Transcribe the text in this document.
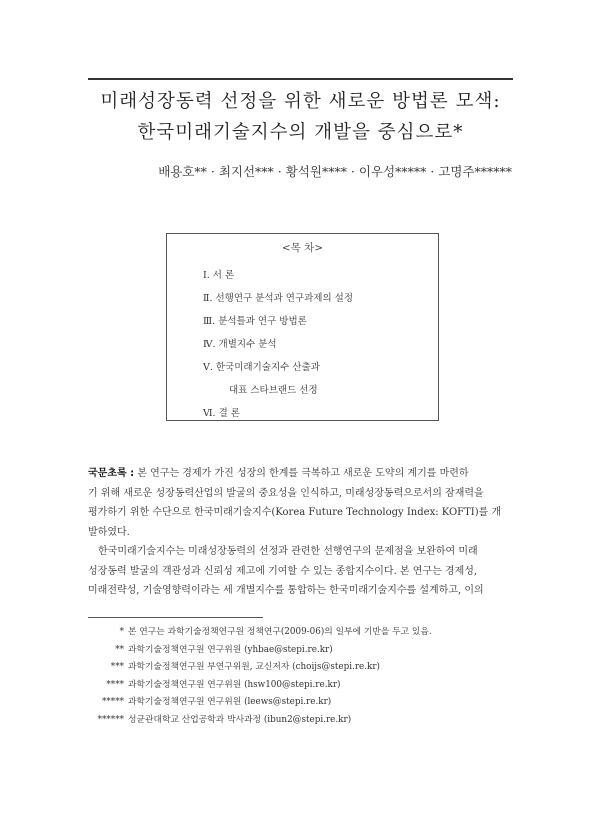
미래성장동력 선정을 위한 새로운 방법론 모색:
한국미래기술지수의 개발을 중심으로*
배용호** · 최지선*** · 황석원**** · 이우성***** · 고명주******
<목 차>
Ⅰ. 서 론
Ⅱ. 선행연구 분석과 연구과제의 설정
Ⅲ. 분석틀과 연구 방법론
Ⅳ. 개별지수 분석
Ⅴ. 한국미래기술지수 산출과
대표 스타브랜드 선정
Ⅵ. 결 론
국문초록 : 본 연구는 경제가 가진 성장의 한계를 극복하고 새로운 도약의 계기를 마련하
기 위해 새로운 성장동력산업의 발굴의 중요성을 인식하고, 미래성장동력으로서의 잠재력을
평가하기 위한 수단으로 한국미래기술지수(Korea Future Technology Index: KOFTI)를 개
발하였다.
한국미래기술지수는 미래성장동력의 선정과 관련한 선행연구의 문제점을 보완하여 미래
성장동력 발굴의 객관성과 신뢰성 제고에 기여할 수 있는 종합지수이다. 본 연구는 경제성,
미래전략성, 기술영향력이라는 세 개별지수를 통합하는 한국미래기술지수를 설계하고, 이의
* 본 연구는 과학기술정책연구원 정책연구(2009-06)의 일부에 기반을 두고 있음.
** 과학기술정책연구원 연구위원 (yhbae@stepi.re.kr)
*** 과학기술정책연구원 부연구위원, 교신저자 (choijs@stepi.re.kr)
**** 과학기술정책연구원 연구위원 (hsw100@stepi.re.kr)
***** 과학기술정책연구원 연구위원 (leews@stepi.re.kr)
****** 성균관대학교 산업공학과 박사과정 (ibun2@stepi.re.kr)
